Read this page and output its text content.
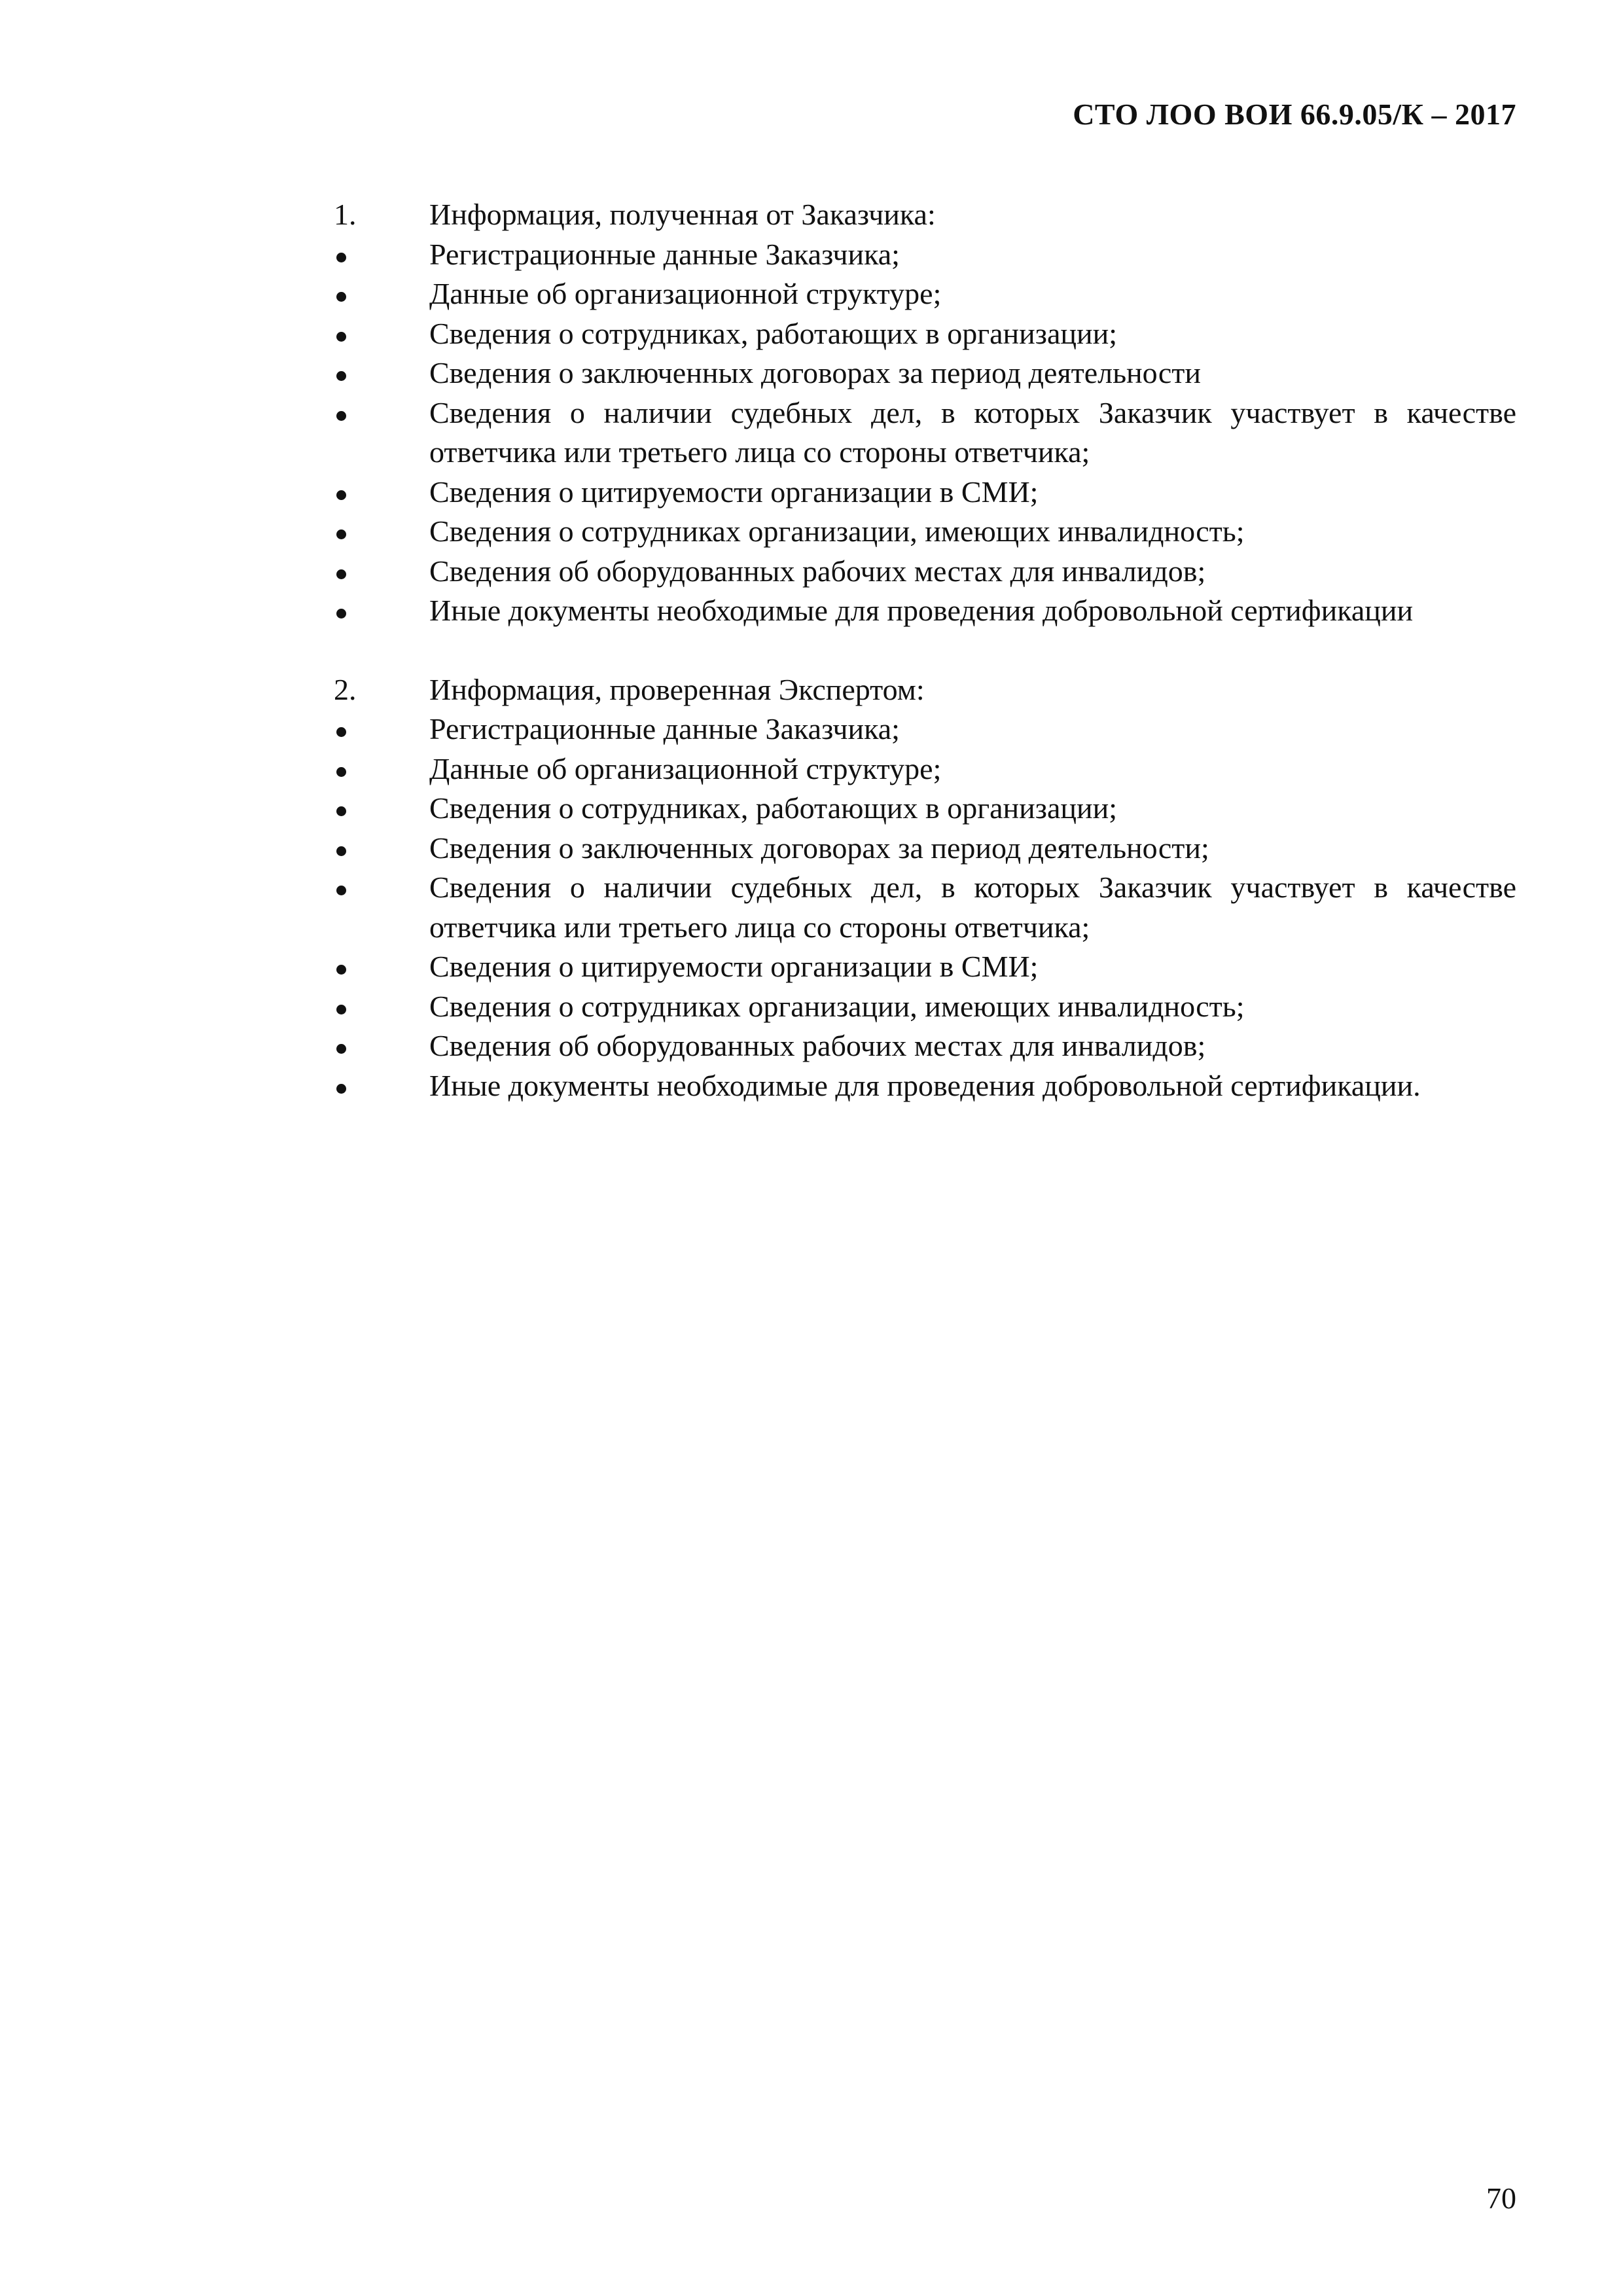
СТО ЛОО ВОИ 66.9.05/К – 2017
1.	Информация, полученная от Заказчика:
Регистрационные данные Заказчика;
Данные об организационной структуре;
Сведения о сотрудниках, работающих в организации;
Сведения о заключенных договорах за период деятельности
Сведения о наличии судебных дел, в которых Заказчик участвует в качестве ответчика или третьего лица со стороны ответчика;
Сведения о цитируемости организации в СМИ;
Сведения о сотрудниках организации, имеющих инвалидность;
Сведения об оборудованных рабочих местах для инвалидов;
Иные документы необходимые для проведения добровольной сертификации
2.	Информация, проверенная Экспертом:
Регистрационные данные Заказчика;
Данные об организационной структуре;
Сведения о сотрудниках, работающих в организации;
Сведения о заключенных договорах за период деятельности;
Сведения о наличии судебных дел, в которых Заказчик участвует в качестве ответчика или третьего лица со стороны ответчика;
Сведения о цитируемости организации в СМИ;
Сведения о сотрудниках организации, имеющих инвалидность;
Сведения об оборудованных рабочих местах для инвалидов;
Иные документы необходимые для проведения добровольной сертификации.
70
